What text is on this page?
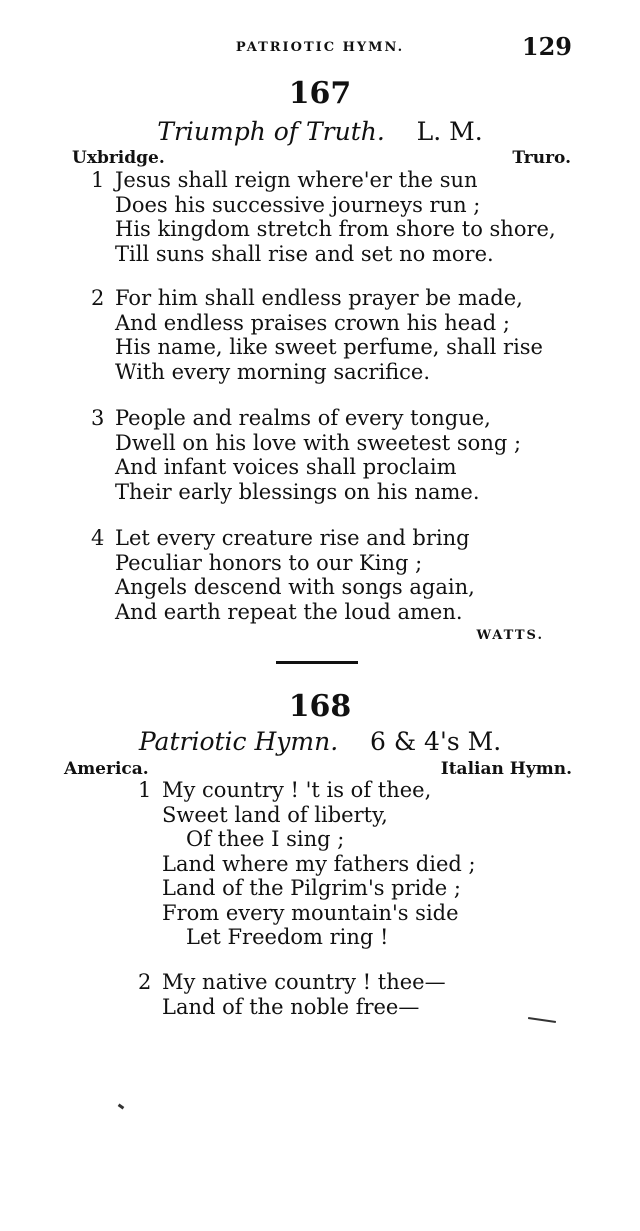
PATRIOTIC HYMN.	129
167
Triumph of Truth. L. M.
Uxbridge.	Truro.
1 Jesus shall reign where'er the sun
Does his successive journeys run ;
His kingdom stretch from shore to shore,
Till suns shall rise and set no more.
2 For him shall endless prayer be made,
And endless praises crown his head ;
His name, like sweet perfume, shall rise
With every morning sacrifice.
3 People and realms of every tongue,
Dwell on his love with sweetest song ;
And infant voices shall proclaim
Their early blessings on his name.
4 Let every creature rise and bring
Peculiar honors to our King ;
Angels descend with songs again,
And earth repeat the loud amen.
WATTS.
168
Patriotic Hymn. 6 & 4's M.
America.	Italian Hymn.
1 My country ! 't is of thee,
Sweet land of liberty,
Of thee I sing ;
Land where my fathers died ;
Land of the Pilgrim's pride ;
From every mountain's side
Let Freedom ring !
2 My native country ! thee—
Land of the noble free—
